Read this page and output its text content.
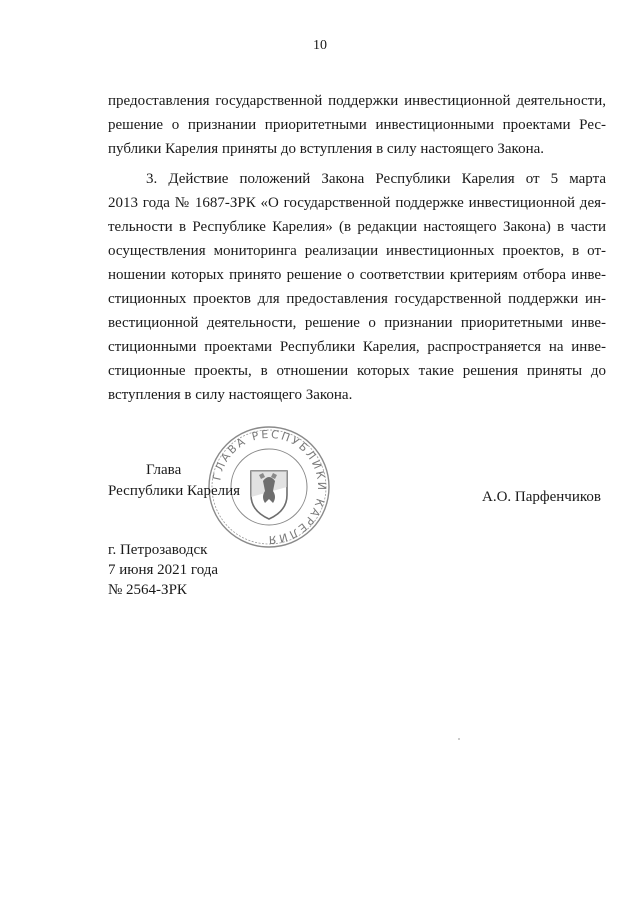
10
предоставления государственной поддержки инвестиционной деятельности,
решение о признании приоритетными инвестиционными проектами Рес-
публики Карелия приняты до вступления в силу настоящего Закона.
3. Действие положений Закона Республики Карелия от 5 марта
2013 года № 1687-ЗРК «О государственной поддержке инвестиционной дея-
тельности в Республике Карелия» (в редакции настоящего Закона) в части
осуществления мониторинга реализации инвестиционных проектов, в от-
ношении которых принято решение о соответствии критериям отбора инве-
стиционных проектов для предоставления государственной поддержки ин-
вестиционной деятельности, решение о признании приоритетными инве-
стиционными проектами Республики Карелия, распространяется на инве-
стиционные проекты, в отношении которых такие решения приняты до
вступления в силу настоящего Закона.
ГЛАВА РЕСПУБЛИКИ КАРЕЛИЯ
Глава
Республики Карелия	А.О. Парфенчиков
г. Петрозаводск
7 июня 2021 года
№ 2564-ЗРК
